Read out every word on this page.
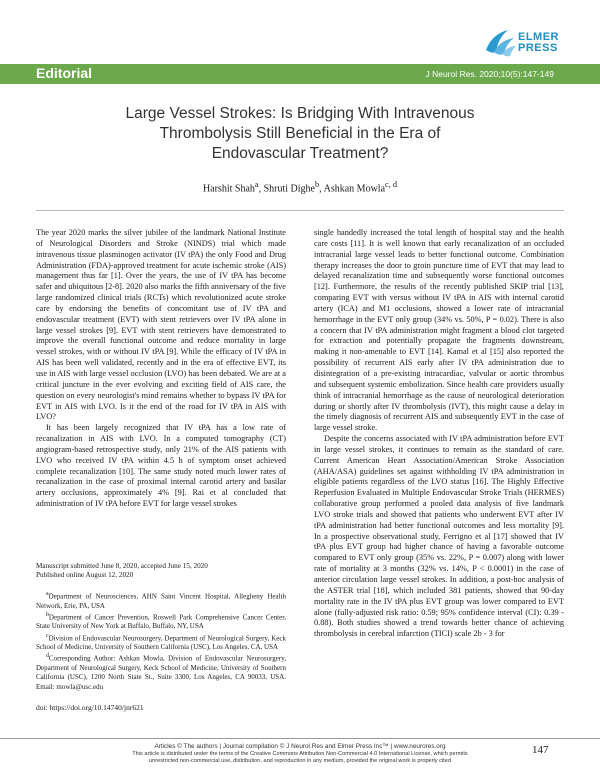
ELMER
PRESS
Editorial	J Neurol Res. 2020;10(5):147-149
Large Vessel Strokes: Is Bridging With Intravenous
Thrombolysis Still Beneficial in the Era of
Endovascular Treatment?
Harshit Shah$^a$, Shruti Dighe$^b$, Ashkan Mowla$^{c, d}$

The year 2020 marks the silver jubilee of the landmark National Institute of Neurological Disorders and Stroke (NINDS) trial which made intravenous tissue plasminogen activator (IV tPA) the only Food and Drug Administration (FDA)-approved treatment for acute ischemic stroke (AIS) management thus far [1]. Over the years, the use of IV tPA has become safer and ubiquitous [2-8]. 2020 also marks the fifth anniversary of the five large randomized clinical trials (RCTs) which revolutionized acute stroke care by endorsing the benefits of concomitant use of IV tPA and endovascular treatment (EVT) with stent retrievers over IV tPA alone in large vessel strokes [9]. EVT with stent retrievers have demonstrated to improve the overall functional outcome and reduce mortality in large vessel strokes, with or without IV tPA [9]. While the efficacy of IV tPA in AIS has been well validated, recently and in the era of effective EVT, its use in AIS with large vessel occlusion (LVO) has been debated. We are at a critical juncture in the ever evolving and exciting field of AIS care, the question on every neurologist's mind remains whether to bypass IV tPA for EVT in AIS with LVO. Is it the end of the road for IV tPA in AIS with LVO?

It has been largely recognized that IV tPA has a low rate of recanalization in AIS with LVO. In a computed tomography (CT) angiogram-based retrospective study, only 21% of the AIS patients with LVO who received IV tPA within 4.5 h of symptom onset achieved complete recanalization [10]. The same study noted much lower rates of recanalization in the case of proximal internal carotid artery and basilar artery occlusions, approximately 4% [9]. Rai et al concluded that administration of IV tPA before EVT for large vessel strokes

Manuscript submitted June 8, 2020, accepted June 15, 2020

Published online August 12, 2020

$^a$Department of Neurosciences, AHN Saint Vincent Hospital, Allegheny Health Network, Erie, PA, USA

$^b$Department of Cancer Prevention, Roswell Park Comprehensive Cancer Center, State University of New York at Buffalo, Buffalo, NY, USA

$^c$Division of Endovascular Neurosurgery, Department of Neurological Surgery, Keck School of Medicine, University of Southern California (USC), Los Angeles, CA, USA

$^d$Corresponding Author: Ashkan Mowla, Division of Endovascular Neurosurgery, Department of Neurological Surgery, Keck School of Medicine, University of Southern California (USC), 1200 North State St., Suite 3300, Los Angeles, CA 90033, USA. Email: mowla@usc.edu

doi: https://doi.org/10.14740/jnr621

single handedly increased the total length of hospital stay and the health care costs [11]. It is well known that early recanalization of an occluded intracranial large vessel leads to better functional outcome. Combination therapy increases the door to groin puncture time of EVT that may lead to delayed recanalization time and subsequently worse functional outcomes [12]. Furthermore, the results of the recently published SKIP trial [13], comparing EVT with versus without IV tPA in AIS with internal carotid artery (ICA) and M1 occlusions, showed a lower rate of intracranial hemorrhage in the EVT only group (34% vs. 50%, P = 0.02). There is also a concern that IV tPA administration might fragment a blood clot targeted for extraction and potentially propagate the fragments downstream, making it non-amenable to EVT [14]. Kamal et al [15] also reported the possibility of recurrent AIS early after IV tPA administration due to disintegration of a pre-existing intracardiac, valvular or aortic thrombus and subsequent systemic embolization. Since health care providers usually think of intracranial hemorrhage as the cause of neurological deterioration during or shortly after IV thrombolysis (IVT), this might cause a delay in the timely diagnosis of recurrent AIS and subsequently EVT in the case of large vessel stroke.

Despite the concerns associated with IV tPA administration before EVT in large vessel strokes, it continues to remain as the standard of care. Current American Heart Association/American Stroke Association (AHA/ASA) guidelines set against withholding IV tPA administration in eligible patients regardless of the LVO status [16]. The Highly Effective Reperfusion Evaluated in Multiple Endovascular Stroke Trials (HERMES) collaborative group performed a pooled data analysis of five landmark LVO stroke trials and showed that patients who underwent EVT after IV tPA administration had better functional outcomes and less mortality [9]. In a prospective observational study, Ferrigno et al [17] showed that IV tPA plus EVT group had higher chance of having a favorable outcome compared to EVT only group (35% vs. 22%, P = 0.007) along with lower rate of mortality at 3 months (32% vs. 14%, P < 0.0001) in the case of anterior circulation large vessel strokes. In addition, a post-hoc analysis of the ASTER trial [18], which included 381 patients, showed that 90-day mortality rate in the IV tPA plus EVT group was lower compared to EVT alone (fully-adjusted risk ratio: 0.59; 95% confidence interval (CI): 0.39 - 0.88). Both studies showed a trend towards better chance of achieving thrombolysis in cerebral infarction (TICI) scale 2b - 3 for

Articles © The authors | Journal compilation © J Neurol Res and Elmer Press Inc™ | www.neurores.org
This article is distributed under the terms of the Creative Commons Attribution Non-Commercial 4.0 International License, which permits
unrestricted non-commercial use, distribution, and reproduction in any medium, provided the original work is properly cited
147
